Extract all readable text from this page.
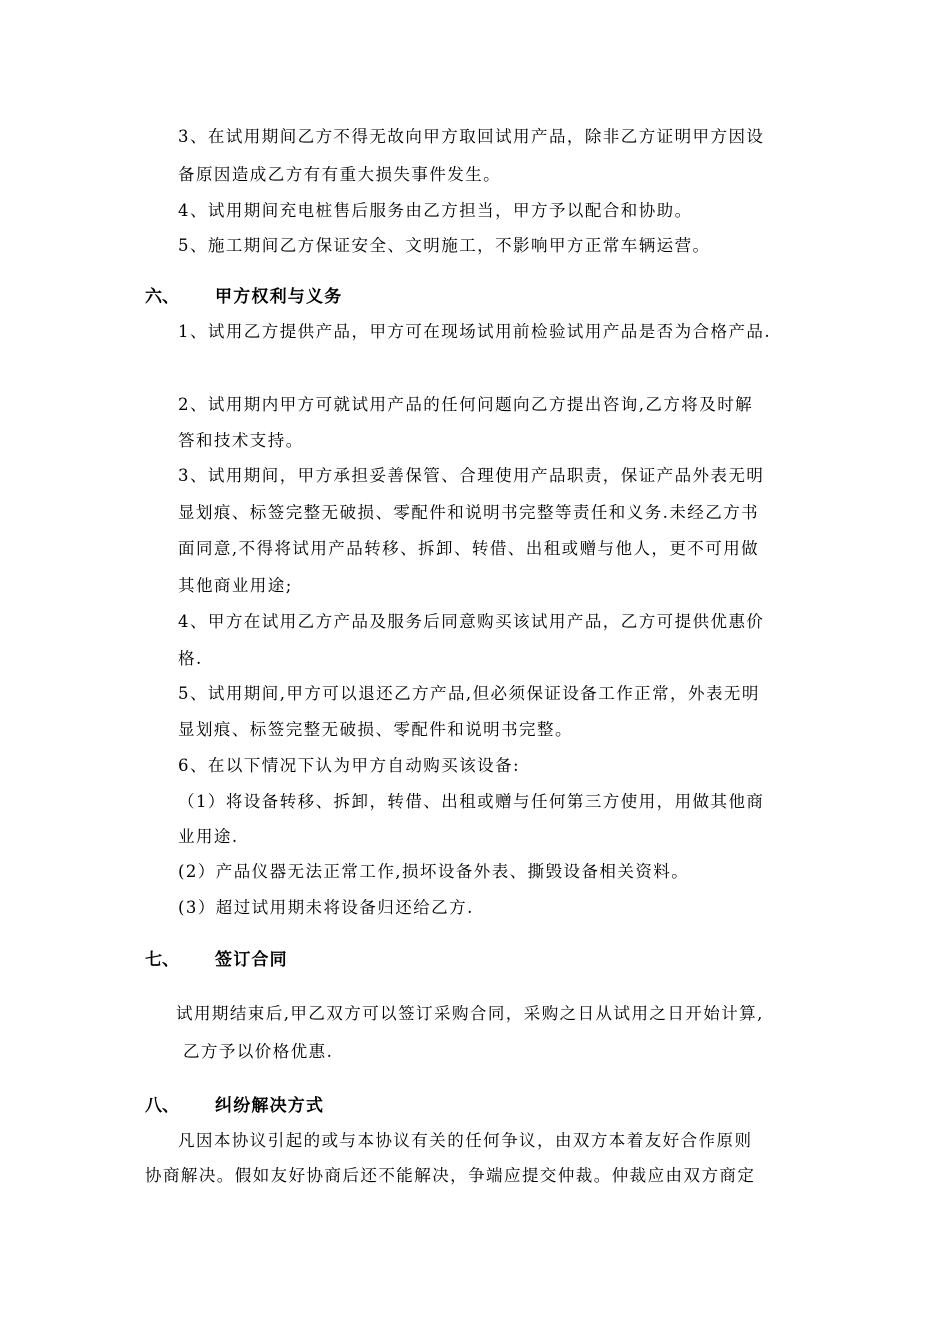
3、在试用期间乙方不得无故向甲方取回试用产品，除非乙方证明甲方因设
备原因造成乙方有有重大损失事件发生。
4、试用期间充电桩售后服务由乙方担当，甲方予以配合和协助。
5、施工期间乙方保证安全、文明施工，不影响甲方正常车辆运营。
六、 甲方权利与义务
1、试用乙方提供产品，甲方可在现场试用前检验试用产品是否为合格产品.
2、试用期内甲方可就试用产品的任何问题向乙方提出咨询,乙方将及时解
答和技术支持。
3、试用期间，甲方承担妥善保管、合理使用产品职责，保证产品外表无明
显划痕、标签完整无破损、零配件和说明书完整等责任和义务.未经乙方书
面同意,不得将试用产品转移、拆卸、转借、出租或赠与他人，更不可用做
其他商业用途;
4、甲方在试用乙方产品及服务后同意购买该试用产品，乙方可提供优惠价
格.
5、试用期间,甲方可以退还乙方产品,但必须保证设备工作正常，外表无明
显划痕、标签完整无破损、零配件和说明书完整。
6、在以下情况下认为甲方自动购买该设备:
（1）将设备转移、拆卸，转借、出租或赠与任何第三方使用，用做其他商
业用途.
(2）产品仪器无法正常工作,损坏设备外表、撕毁设备相关资料。
(3）超过试用期未将设备归还给乙方.
七、 签订合同
试用期结束后,甲乙双方可以签订采购合同，采购之日从试用之日开始计算,
乙方予以价格优惠.
八、 纠纷解决方式
凡因本协议引起的或与本协议有关的任何争议，由双方本着友好合作原则
协商解决。假如友好协商后还不能解决，争端应提交仲裁。仲裁应由双方商定
